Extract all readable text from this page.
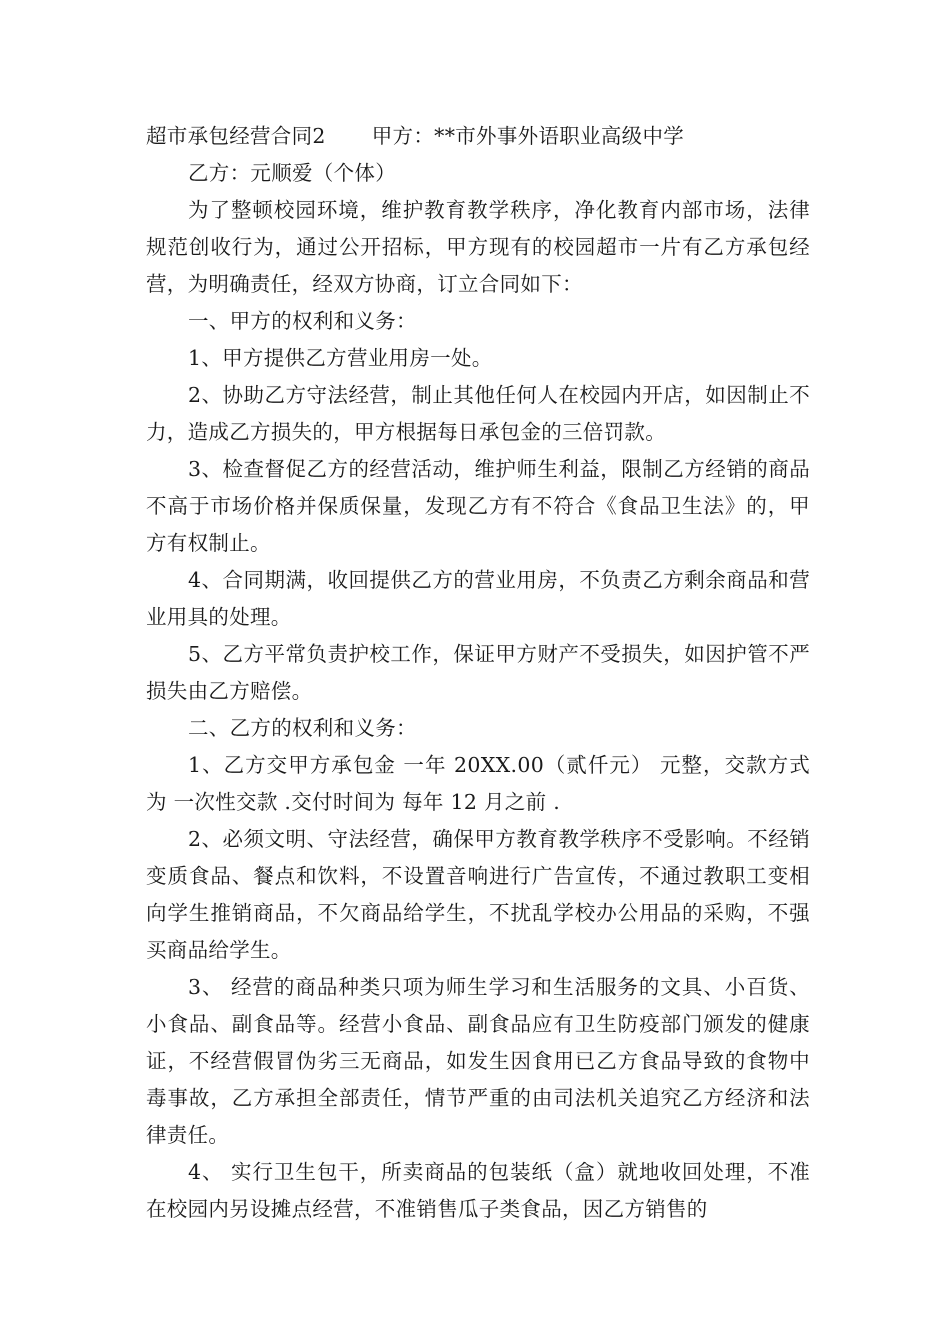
超市承包经营合同2 甲方：**市外事外语职业高级中学

乙方：元顺爱（个体）

为了整顿校园环境，维护教育教学秩序，净化教育内部市场，法律规范创收行为，通过公开招标，甲方现有的校园超市一片有乙方承包经营，为明确责任，经双方协商，订立合同如下：

一、甲方的权利和义务：

1、甲方提供乙方营业用房一处。

2、协助乙方守法经营，制止其他任何人在校园内开店，如因制止不力，造成乙方损失的，甲方根据每日承包金的三倍罚款。

3、检查督促乙方的经营活动，维护师生利益，限制乙方经销的商品不高于市场价格并保质保量，发现乙方有不符合《食品卫生法》的，甲方有权制止。

4、合同期满，收回提供乙方的营业用房，不负责乙方剩余商品和营业用具的处理。

5、乙方平常负责护校工作，保证甲方财产不受损失，如因护管不严损失由乙方赔偿。

二、乙方的权利和义务：

1、乙方交甲方承包金 一年 20XX.00（贰仟元） 元整，交款方式为 一次性交款 .交付时间为 每年 12 月之前 .

2、必须文明、守法经营，确保甲方教育教学秩序不受影响。不经销变质食品、餐点和饮料，不设置音响进行广告宣传，不通过教职工变相向学生推销商品，不欠商品给学生，不扰乱学校办公用品的采购，不强买商品给学生。

3、 经营的商品种类只项为师生学习和生活服务的文具、小百货、小食品、副食品等。经营小食品、副食品应有卫生防疫部门颁发的健康证，不经营假冒伪劣三无商品，如发生因食用已乙方食品导致的食物中毒事故，乙方承担全部责任，情节严重的由司法机关追究乙方经济和法律责任。

4、 实行卫生包干，所卖商品的包装纸（盒）就地收回处理，不准在校园内另设摊点经营，不准销售瓜子类食品，因乙方销售的
